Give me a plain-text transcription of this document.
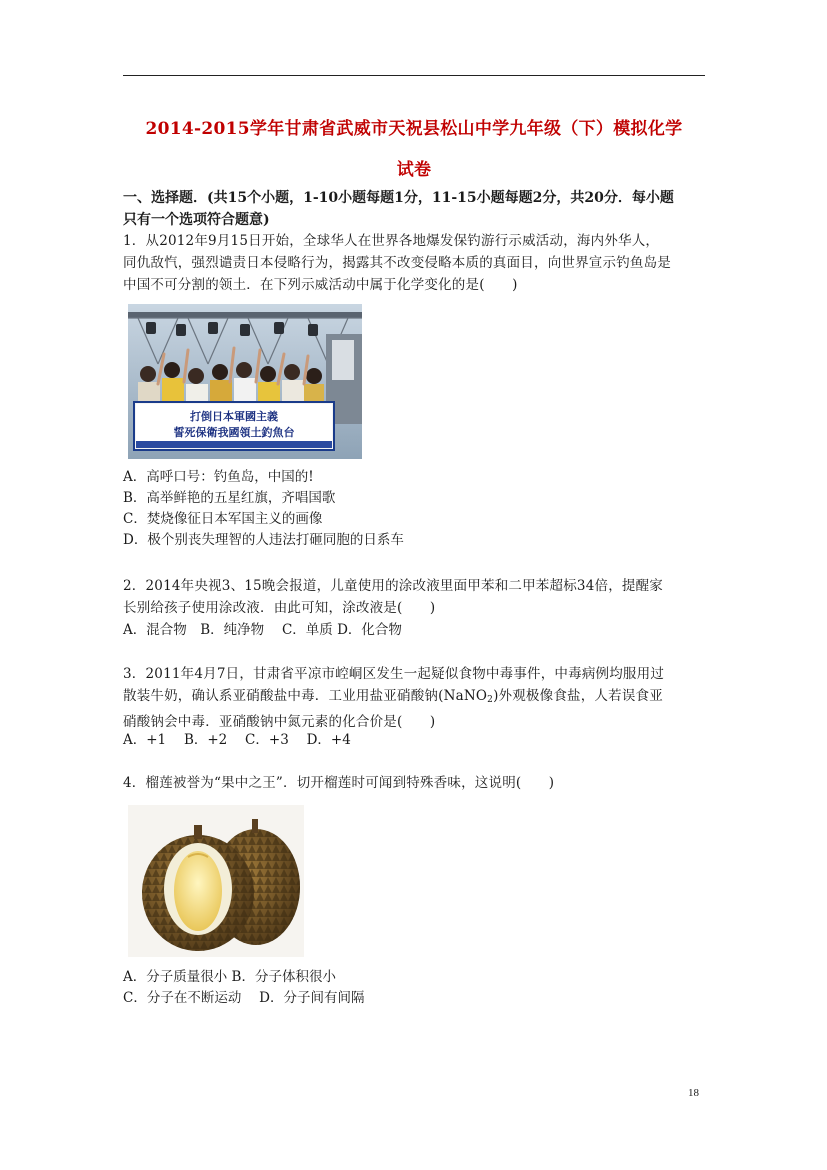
2014-2015学年甘肃省武威市天祝县松山中学九年级（下）模拟化学
试卷
一、选择题．(共15个小题，1-10小题每题1分，11-15小题每题2分，共20分．每小题
只有一个选项符合题意)
1．从2012年9月15日开始，全球华人在世界各地爆发保钓游行示威活动，海内外华人，
同仇敌忾，强烈谴责日本侵略行为，揭露其不改变侵略本质的真面目，向世界宣示钓鱼岛是
中国不可分割的领土．在下列示威活动中属于化学变化的是(　　)
打倒日本軍國主義
誓死保衛我國領土釣魚台
A．高呼口号：钓鱼岛，中国的!
B．高举鲜艳的五星红旗，齐唱国歌
C．焚烧像征日本军国主义的画像
D．极个别丧失理智的人违法打砸同胞的日系车
2．2014年央视3、15晚会报道，儿童使用的涂改液里面甲苯和二甲苯超标34倍，提醒家
长别给孩子使用涂改液．由此可知，涂改液是(　　)
A．混合物　B．纯净物　 C．单质 D．化合物
3．2011年4月7日，甘肃省平凉市崆峒区发生一起疑似食物中毒事件，中毒病例均服用过
散装牛奶，确认系亚硝酸盐中毒．工业用盐亚硝酸钠(NaNO$_2$)外观极像食盐，人若误食亚
硝酸钠会中毒．亚硝酸钠中氮元素的化合价是(　　)
A．+1　 B．+2　 C．+3　 D．+4
4．榴莲被誉为“果中之王”．切开榴莲时可闻到特殊香味，这说明(　　)
A．分子质量很小 B．分子体积很小
C．分子在不断运动　 D．分子间有间隔
18
